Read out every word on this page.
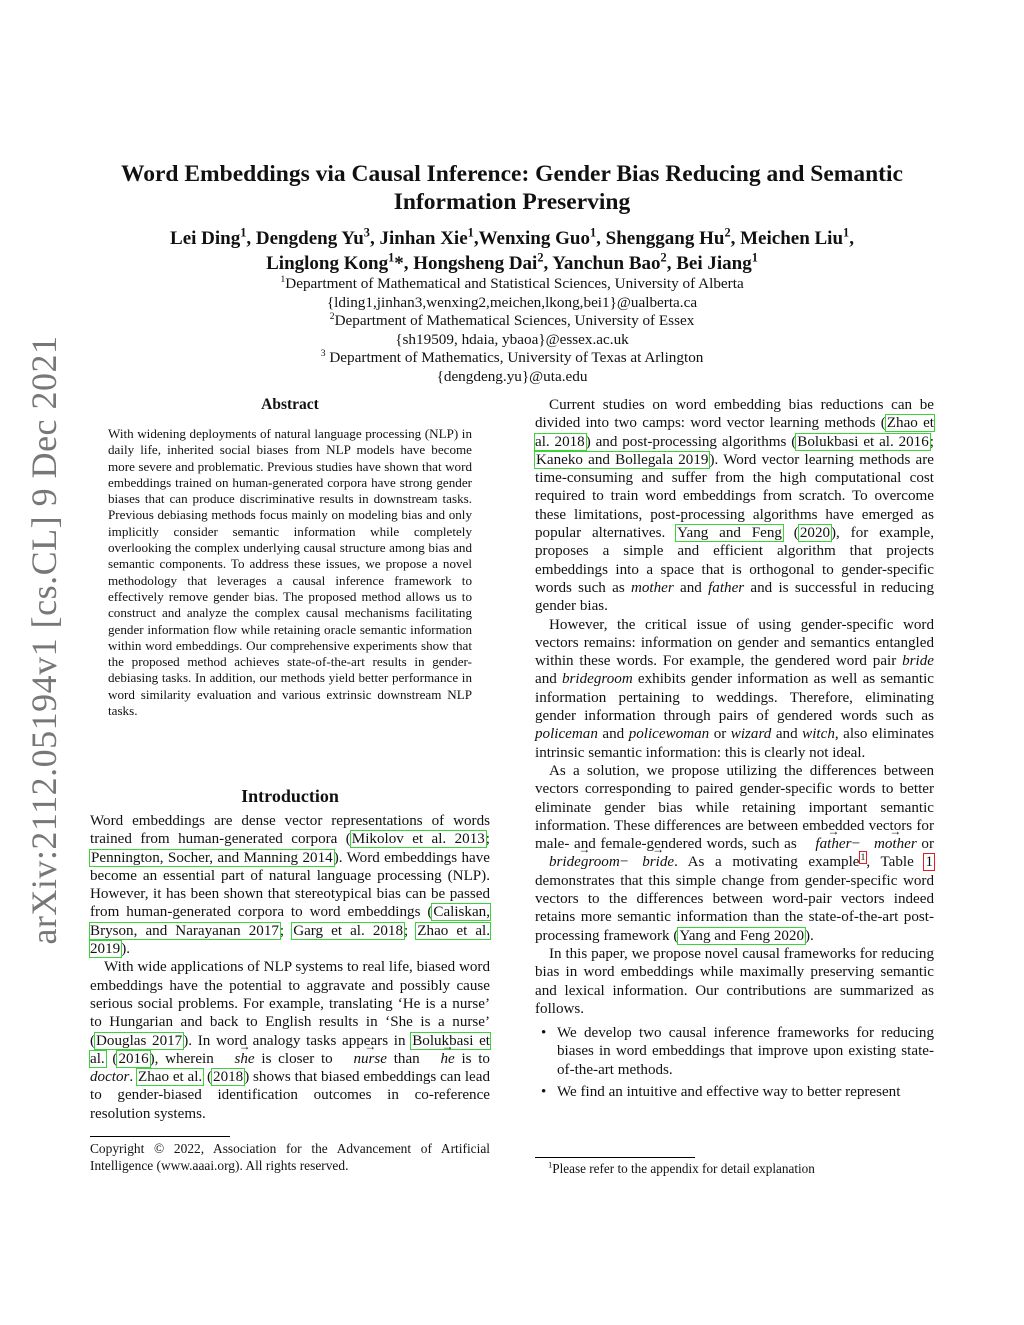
arXiv:2112.05194v1 [cs.CL] 9 Dec 2021
Word Embeddings via Causal Inference: Gender Bias Reducing and Semantic
Information Preserving
Lei Ding$^1$, Dengdeng Yu$^3$, Jinhan Xie$^1$,Wenxing Guo$^1$, Shenggang Hu$^2$, Meichen Liu$^1$,
Linglong Kong$^1$*, Hongsheng Dai$^2$, Yanchun Bao$^2$, Bei Jiang$^1$
$^1$Department of Mathematical and Statistical Sciences, University of Alberta
{lding1,jinhan3,wenxing2,meichen,lkong,bei1}@ualberta.ca
$^2$Department of Mathematical Sciences, University of Essex
{sh19509, hdaia, ybaoa}@essex.ac.uk
$^3$ Department of Mathematics, University of Texas at Arlington
{dengdeng.yu}@uta.edu
Abstract

With widening deployments of natural language processing (NLP) in daily life, inherited social biases from NLP models have become more severe and problematic. Previous studies have shown that word embeddings trained on human-generated corpora have strong gender biases that can produce discriminative results in downstream tasks. Previous debiasing methods focus mainly on modeling bias and only implicitly consider semantic information while completely overlooking the complex underlying causal structure among bias and semantic components. To address these issues, we propose a novel methodology that leverages a causal inference framework to effectively remove gender bias. The proposed method allows us to construct and analyze the complex causal mechanisms facilitating gender information flow while retaining oracle semantic information within word embeddings. Our comprehensive experiments show that the proposed method achieves state-of-the-art results in gender-debiasing tasks. In addition, our methods yield better performance in word similarity evaluation and various extrinsic downstream NLP tasks.

Introduction

Word embeddings are dense vector representations of words trained from human-generated corpora (Mikolov et al. 2013; Pennington, Socher, and Manning 2014). Word embeddings have become an essential part of natural language processing (NLP). However, it has been shown that stereotypical bias can be passed from human-generated corpora to word embeddings (Caliskan, Bryson, and Narayanan 2017; Garg et al. 2018; Zhao et al. 2019).

With wide applications of NLP systems to real life, biased word embeddings have the potential to aggravate and possibly cause serious social problems. For example, translating ‘He is a nurse’ to Hungarian and back to English results in ‘She is a nurse’ (Douglas 2017). In word analogy tasks appears in Bolukbasi et al. (2016), wherein → she is closer to → nurse than → he is to doctor. Zhao et al. (2018) shows that biased embeddings can lead to gender-biased identification outcomes in co-reference resolution systems.

Copyright © 2022, Association for the Advancement of Artificial Intelligence (www.aaai.org). All rights reserved.

Current studies on word embedding bias reductions can be divided into two camps: word vector learning methods (Zhao et al. 2018) and post-processing algorithms (Bolukbasi et al. 2016; Kaneko and Bollegala 2019). Word vector learning methods are time-consuming and suffer from the high computational cost required to train word embeddings from scratch. To overcome these limitations, post-processing algorithms have emerged as popular alternatives. Yang and Feng (2020), for example, proposes a simple and efficient algorithm that projects embeddings into a space that is orthogonal to gender-specific words such as mother and father and is successful in reducing gender bias.

However, the critical issue of using gender-specific word vectors remains: information on gender and semantics entangled within these words. For example, the gendered word pair bride and bridegroom exhibits gender information as well as semantic information pertaining to weddings. Therefore, eliminating gender information through pairs of gendered words such as policeman and policewoman or wizard and witch, also eliminates intrinsic semantic information: this is clearly not ideal.

As a solution, we propose utilizing the differences between vectors corresponding to paired gender-specific words to better eliminate gender bias while retaining important semantic information. These differences are between embedded vectors for male- and female-gendered words, such as → father− → mother or → bridegroom− → bride. As a motivating example$^1$, Table 1 demonstrates that this simple change from gender-specific word vectors to the differences between word-pair vectors indeed retains more semantic information than the state-of-the-art post-processing framework (Yang and Feng 2020).

In this paper, we propose novel causal frameworks for reducing bias in word embeddings while maximally preserving semantic and lexical information. Our contributions are summarized as follows.

• We develop two causal inference frameworks for reducing biases in word embeddings that improve upon existing state-of-the-art methods.
• We find an intuitive and effective way to better represent
$^1$Please refer to the appendix for detail explanation
